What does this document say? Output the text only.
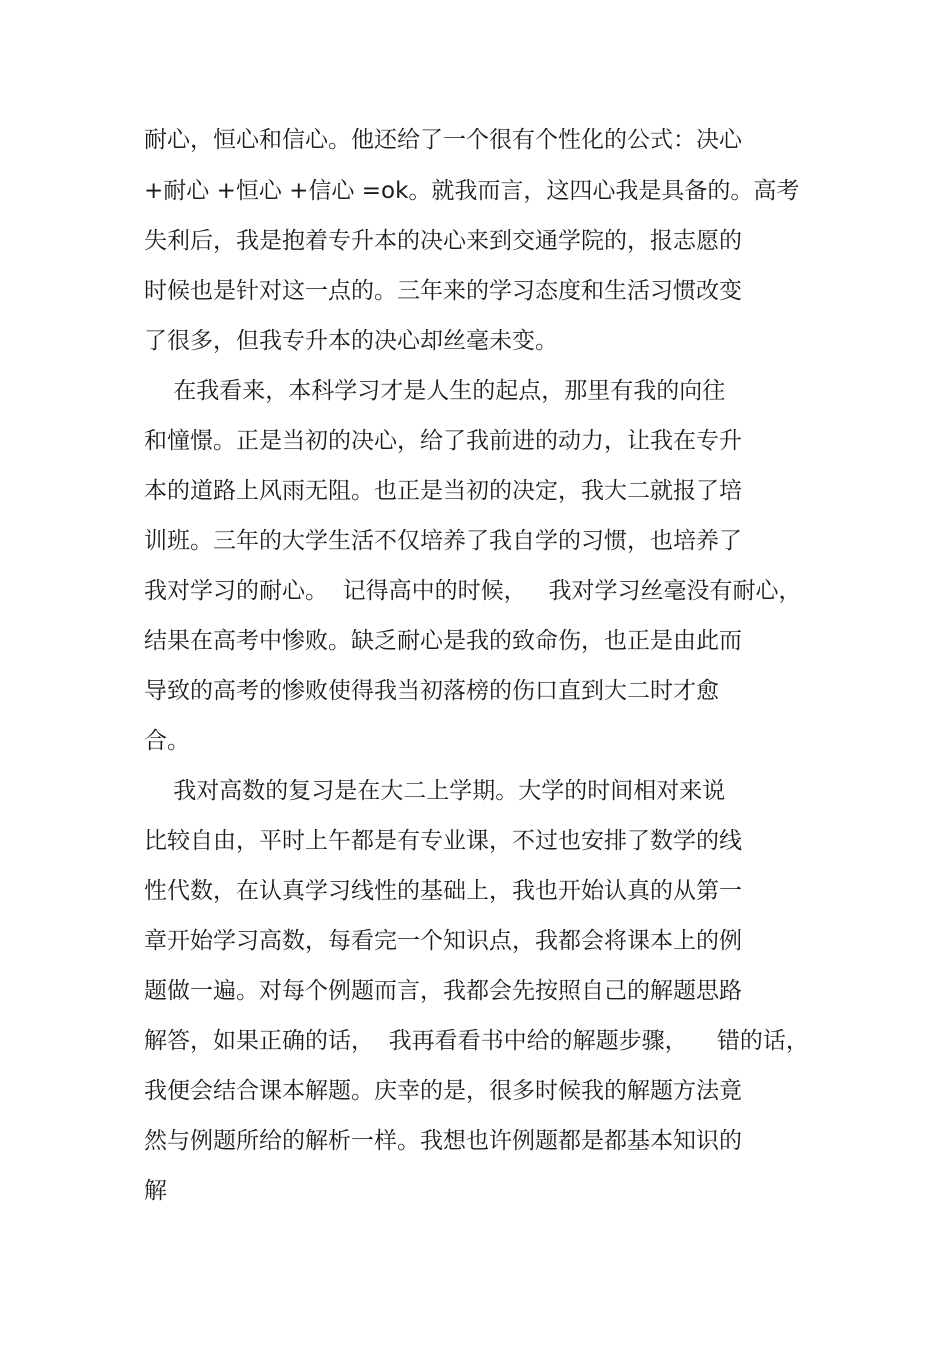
耐心，恒心和信心。他还给了一个很有个性化的公式：决心
+耐心 +恒心 +信心 =ok。就我而言，这四心我是具备的。高考
失利后，我是抱着专升本的决心来到交通学院的，报志愿的
时候也是针对这一点的。三年来的学习态度和生活习惯改变
了很多，但我专升本的决心却丝毫未变。
在我看来，本科学习才是人生的起点，那里有我的向往
和憧憬。正是当初的决心，给了我前进的动力，让我在专升
本的道路上风雨无阻。也正是当初的决定，我大二就报了培
训班。三年的大学生活不仅培养了我自学的习惯，也培养了
我对学习的耐心。  记得高中的时候，   我对学习丝毫没有耐心，
结果在高考中惨败。缺乏耐心是我的致命伤，也正是由此而
导致的高考的惨败使得我当初落榜的伤口直到大二时才愈
合。
我对高数的复习是在大二上学期。大学的时间相对来说
比较自由，平时上午都是有专业课，不过也安排了数学的线
性代数，在认真学习线性的基础上，我也开始认真的从第一
章开始学习高数，每看完一个知识点，我都会将课本上的例
题做一遍。对每个例题而言，我都会先按照自己的解题思路
解答，如果正确的话，  我再看看书中给的解题步骤，    错的话，
我便会结合课本解题。庆幸的是，很多时候我的解题方法竟
然与例题所给的解析一样。我想也许例题都是都基本知识的
解
